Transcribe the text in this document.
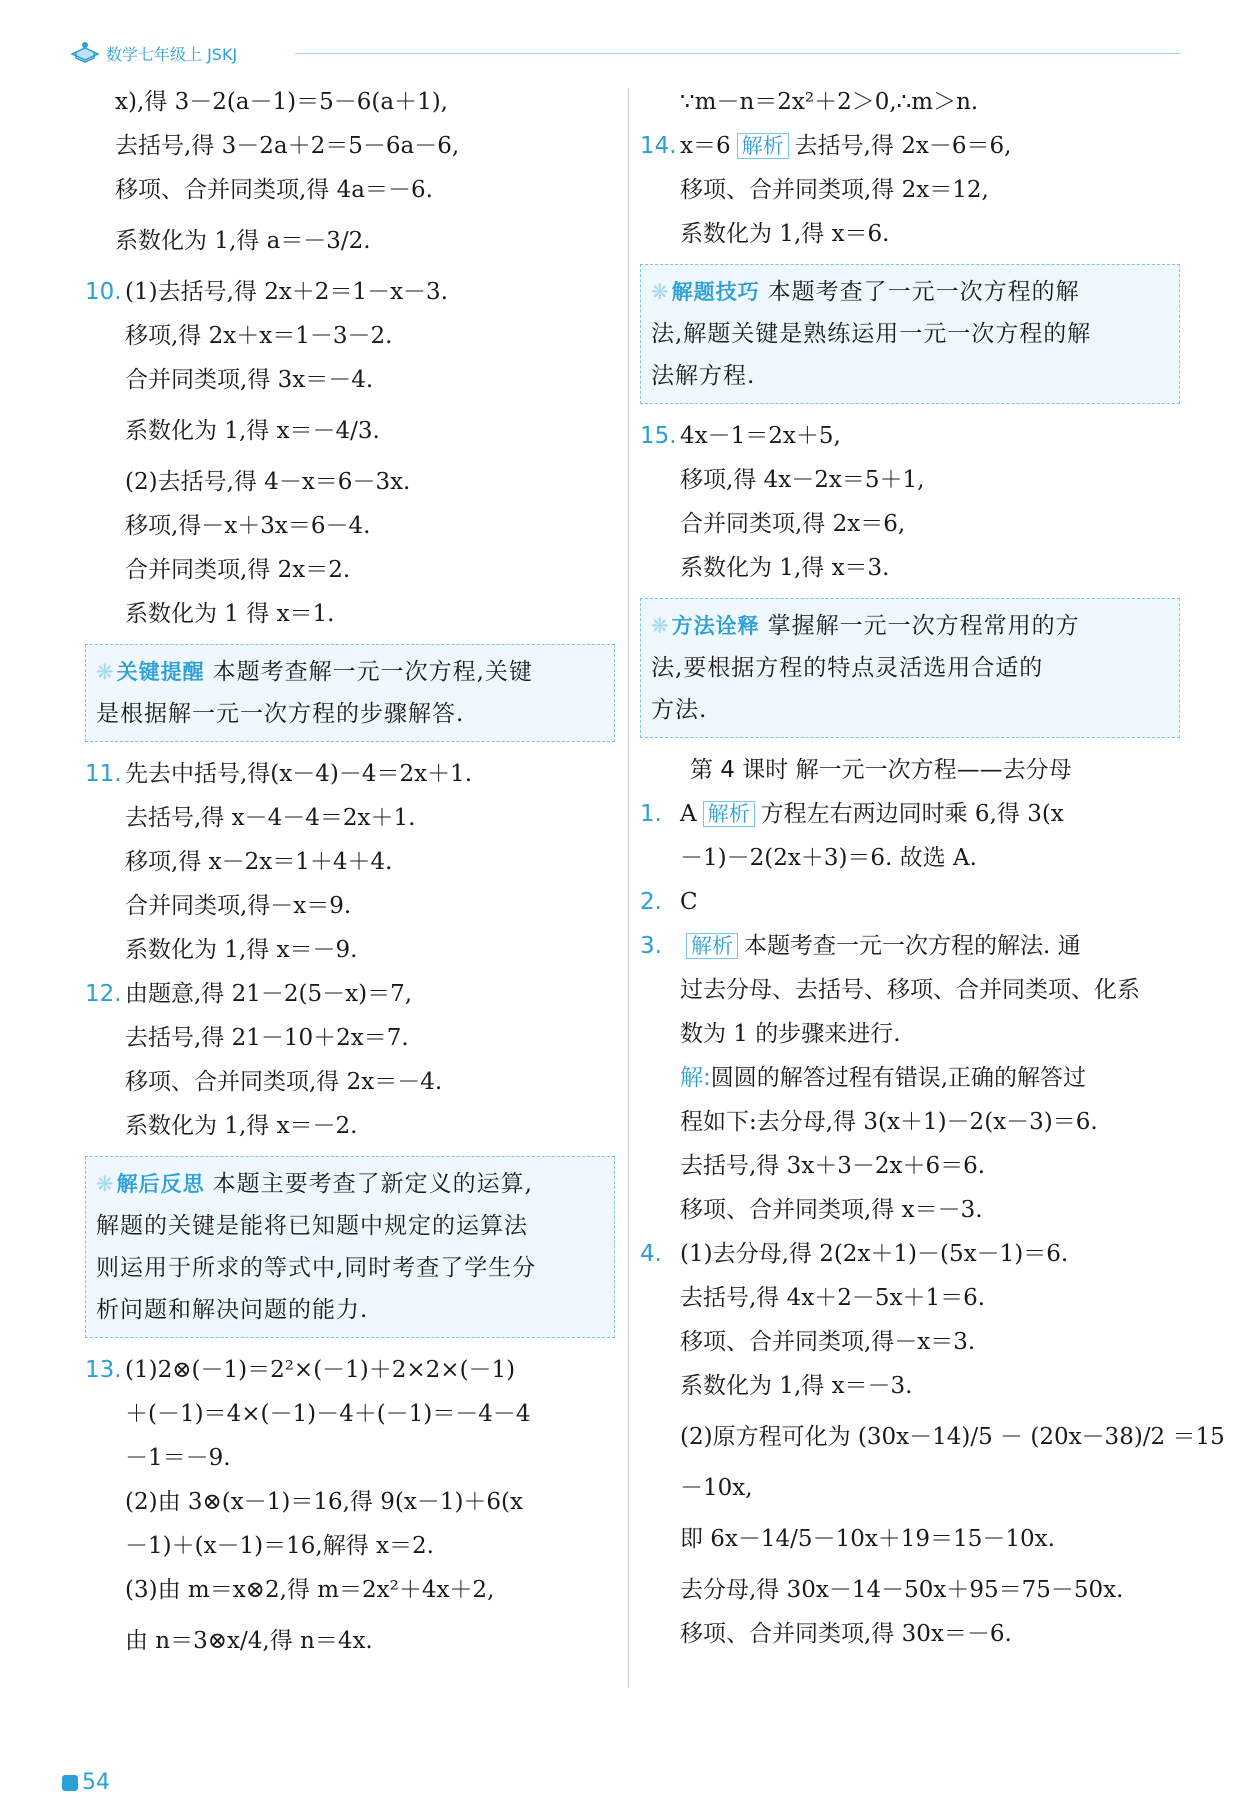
数学七年级上 JSKJ
x),得 3－2(a－1)＝5－6(a＋1),
去括号,得 3－2a＋2＝5－6a－6,
移项、合并同类项,得 4a＝－6.
系数化为 1,得 a＝－3/2.
10. (1)去括号,得 2x＋2＝1－x－3.
移项,得 2x＋x＝1－3－2.
合并同类项,得 3x＝－4.
系数化为 1,得 x＝－4/3.
(2)去括号,得 4－x＝6－3x.
移项,得－x＋3x＝6－4.
合并同类项,得 2x＝2.
系数化为 1 得 x＝1.
❋ 关键提醒 本题考查解一元一次方程,关键
是根据解一元一次方程的步骤解答.
11. 先去中括号,得(x－4)－4＝2x＋1.
去括号,得 x－4－4＝2x＋1.
移项,得 x－2x＝1＋4＋4.
合并同类项,得－x＝9.
系数化为 1,得 x＝－9.
12. 由题意,得 21－2(5－x)＝7,
去括号,得 21－10＋2x＝7.
移项、合并同类项,得 2x＝－4.
系数化为 1,得 x＝－2.
❋ 解后反思 本题主要考查了新定义的运算,
解题的关键是能将已知题中规定的运算法
则运用于所求的等式中,同时考查了学生分
析问题和解决问题的能力.
13. (1)2⊗(－1)＝2²×(－1)＋2×2×(－1)
＋(－1)＝4×(－1)－4＋(－1)＝－4－4
－1＝－9.
(2)由 3⊗(x－1)＝16,得 9(x－1)＋6(x
－1)＋(x－1)＝16,解得 x＝2.
(3)由 m＝x⊗2,得 m＝2x²＋4x＋2,
由 n＝3⊗x/4,得 n＝4x.
∵m－n＝2x²＋2＞0,∴m＞n.
14. x＝6 解析 去括号,得 2x－6＝6,
移项、合并同类项,得 2x＝12,
系数化为 1,得 x＝6.
❋ 解题技巧 本题考查了一元一次方程的解
法,解题关键是熟练运用一元一次方程的解
法解方程.
15. 4x－1＝2x＋5,
移项,得 4x－2x＝5＋1,
合并同类项,得 2x＝6,
系数化为 1,得 x＝3.
❋ 方法诠释 掌握解一元一次方程常用的方
法,要根据方程的特点灵活选用合适的
方法.
第 4 课时 解一元一次方程——去分母
1. A 解析 方程左右两边同时乘 6,得 3(x
－1)－2(2x＋3)＝6. 故选 A.
2. C
3. 解析 本题考查一元一次方程的解法. 通
过去分母、去括号、移项、合并同类项、化系
数为 1 的步骤来进行.
解:圆圆的解答过程有错误,正确的解答过
程如下:去分母,得 3(x＋1)－2(x－3)＝6.
去括号,得 3x＋3－2x＋6＝6.
移项、合并同类项,得 x＝－3.
4. (1)去分母,得 2(2x＋1)－(5x－1)＝6.
去括号,得 4x＋2－5x＋1＝6.
移项、合并同类项,得－x＝3.
系数化为 1,得 x＝－3.
(2)原方程可化为 (30x－14)/5 － (20x－38)/2 ＝15
－10x,
即 6x－14/5－10x＋19＝15－10x.
去分母,得 30x－14－50x＋95＝75－50x.
移项、合并同类项,得 30x＝－6.
54
